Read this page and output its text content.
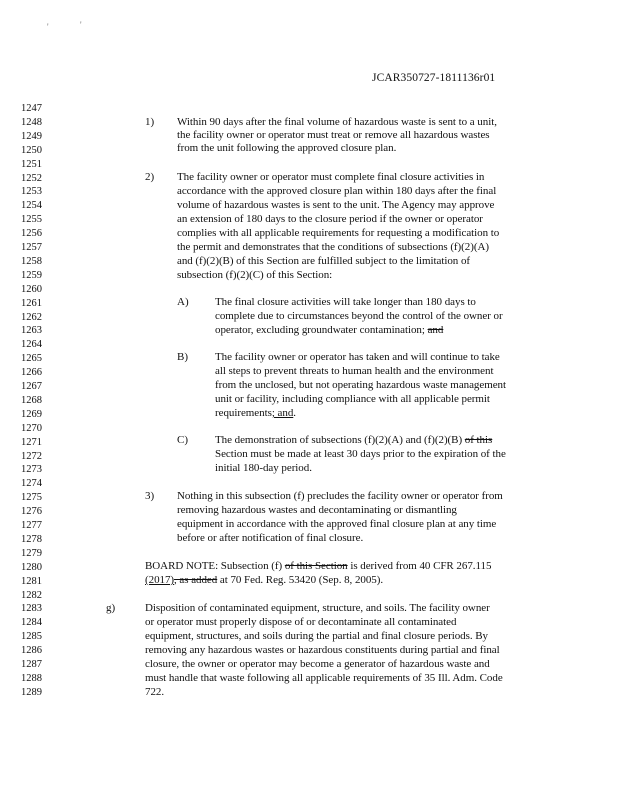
'	'
JCAR350727-1811136r01
1247
1248
1249
1250
1251
1252
1253
1254
1255
1256
1257
1258
1259
1260
1261
1262
1263
1264
1265
1266
1267
1268
1269
1270
1271
1272
1273
1274
1275
1276
1277
1278
1279
1280
1281
1282
1283
1284
1285
1286
1287
1288
1289
1) Within 90 days after the final volume of hazardous waste is sent to a unit,
the facility owner or operator must treat or remove all hazardous wastes
from the unit following the approved closure plan.
2) The facility owner or operator must complete final closure activities in
accordance with the approved closure plan within 180 days after the final
volume of hazardous wastes is sent to the unit. The Agency may approve
an extension of 180 days to the closure period if the owner or operator
complies with all applicable requirements for requesting a modification to
the permit and demonstrates that the conditions of subsections (f)(2)(A)
and (f)(2)(B) of this Section are fulfilled subject to the limitation of
subsection (f)(2)(C) of this Section:
A) The final closure activities will take longer than 180 days to
complete due to circumstances beyond the control of the owner or
operator, excluding groundwater contamination; and
B) The facility owner or operator has taken and will continue to take
all steps to prevent threats to human health and the environment
from the unclosed, but not operating hazardous waste management
unit or facility, including compliance with all applicable permit
requirements; and.
C) The demonstration of subsections (f)(2)(A) and (f)(2)(B) of this
Section must be made at least 30 days prior to the expiration of the
initial 180-day period.
3) Nothing in this subsection (f) precludes the facility owner or operator from
removing hazardous wastes and decontaminating or dismantling
equipment in accordance with the approved final closure plan at any time
before or after notification of final closure.
BOARD NOTE: Subsection (f) of this Section is derived from 40 CFR 267.115
(2017), as added at 70 Fed. Reg. 53420 (Sep. 8, 2005).
g)	Disposition of contaminated equipment, structure, and soils. The facility owner
or operator must properly dispose of or decontaminate all contaminated
equipment, structures, and soils during the partial and final closure periods. By
removing any hazardous wastes or hazardous constituents during partial and final
closure, the owner or operator may become a generator of hazardous waste and
must handle that waste following all applicable requirements of 35 Ill. Adm. Code
722.
